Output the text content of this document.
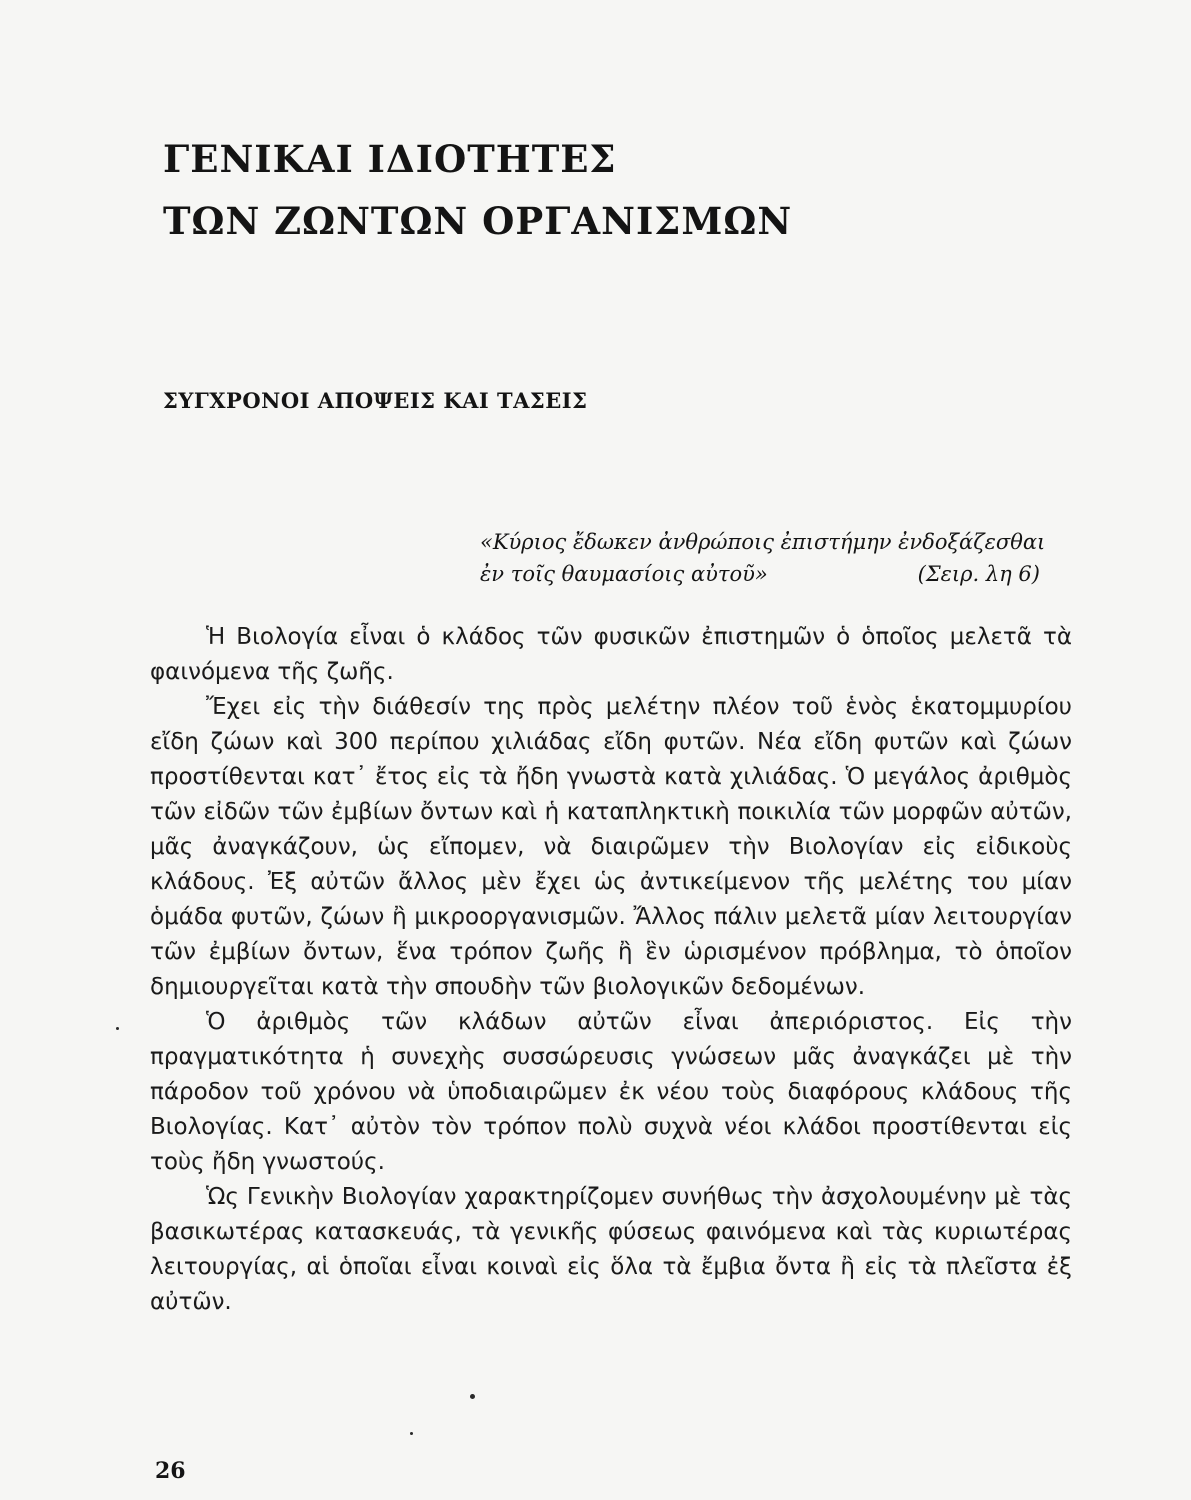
ΓΕΝΙΚΑΙ ΙΔΙΟΤΗΤΕΣ
ΤΩΝ ΖΩΝΤΩΝ ΟΡΓΑΝΙΣΜΩΝ
ΣΥΓΧΡΟΝΟΙ ΑΠΟΨΕΙΣ ΚΑΙ ΤΑΣΕΙΣ
«Κύριος ἔδωκεν ἀνθρώποις ἐπιστήμην ἐνδοξάζεσθαι
ἐν τοῖς θαυμασίοις αὐτοῦ»	(Σειρ. λη 6)

Ἡ Βιολογία εἶναι ὁ κλάδος τῶν φυσικῶν ἐπιστημῶν ὁ ὁποῖος μελετᾶ τὰ φαινόμενα τῆς ζωῆς.

Ἔχει εἰς τὴν διάθεσίν της πρὸς μελέτην πλέον τοῦ ἑνὸς ἑκατομμυρίου εἴδη ζώων καὶ 300 περίπου χιλιάδας εἴδη φυτῶν. Νέα εἴδη φυτῶν καὶ ζώων προστίθενται κατ᾽ ἔτος εἰς τὰ ἤδη γνωστὰ κατὰ χιλιάδας. Ὁ μεγάλος ἀριθμὸς τῶν εἰδῶν τῶν ἐμβίων ὄντων καὶ ἡ καταπληκτικὴ ποικιλία τῶν μορφῶν αὐτῶν, μᾶς ἀναγκάζουν, ὡς εἴπομεν, νὰ διαιρῶμεν τὴν Βιολογίαν εἰς εἰδικοὺς κλάδους. Ἐξ αὐτῶν ἄλλος μὲν ἔχει ὡς ἀντικείμενον τῆς μελέτης του μίαν ὁμάδα φυτῶν, ζώων ἢ μικροοργανισμῶν. Ἄλλος πάλιν μελετᾶ μίαν λειτουργίαν τῶν ἐμβίων ὄντων, ἕνα τρόπον ζωῆς ἢ ἓν ὡρισμένον πρόβλημα, τὸ ὁποῖον δημιουργεῖται κατὰ τὴν σπουδὴν τῶν βιολογικῶν δεδομένων.

Ὁ ἀριθμὸς τῶν κλάδων αὐτῶν εἶναι ἀπεριόριστος. Εἰς τὴν πραγματικότητα ἡ συνεχὴς συσσώρευσις γνώσεων μᾶς ἀναγκάζει μὲ τὴν πάροδον τοῦ χρόνου νὰ ὑποδιαιρῶμεν ἐκ νέου τοὺς διαφόρους κλάδους τῆς Βιολογίας. Κατ᾽ αὐτὸν τὸν τρόπον πολὺ συχνὰ νέοι κλάδοι προστίθενται εἰς τοὺς ἤδη γνωστούς.

Ὡς Γενικὴν Βιολογίαν χαρακτηρίζομεν συνήθως τὴν ἀσχολουμένην μὲ τὰς βασικωτέρας κατασκευάς, τὰ γενικῆς φύσεως φαινόμενα καὶ τὰς κυριωτέρας λειτουργίας, αἱ ὁποῖαι εἶναι κοιναὶ εἰς ὅλα τὰ ἔμβια ὄντα ἢ εἰς τὰ πλεῖστα ἐξ αὐτῶν.

26
